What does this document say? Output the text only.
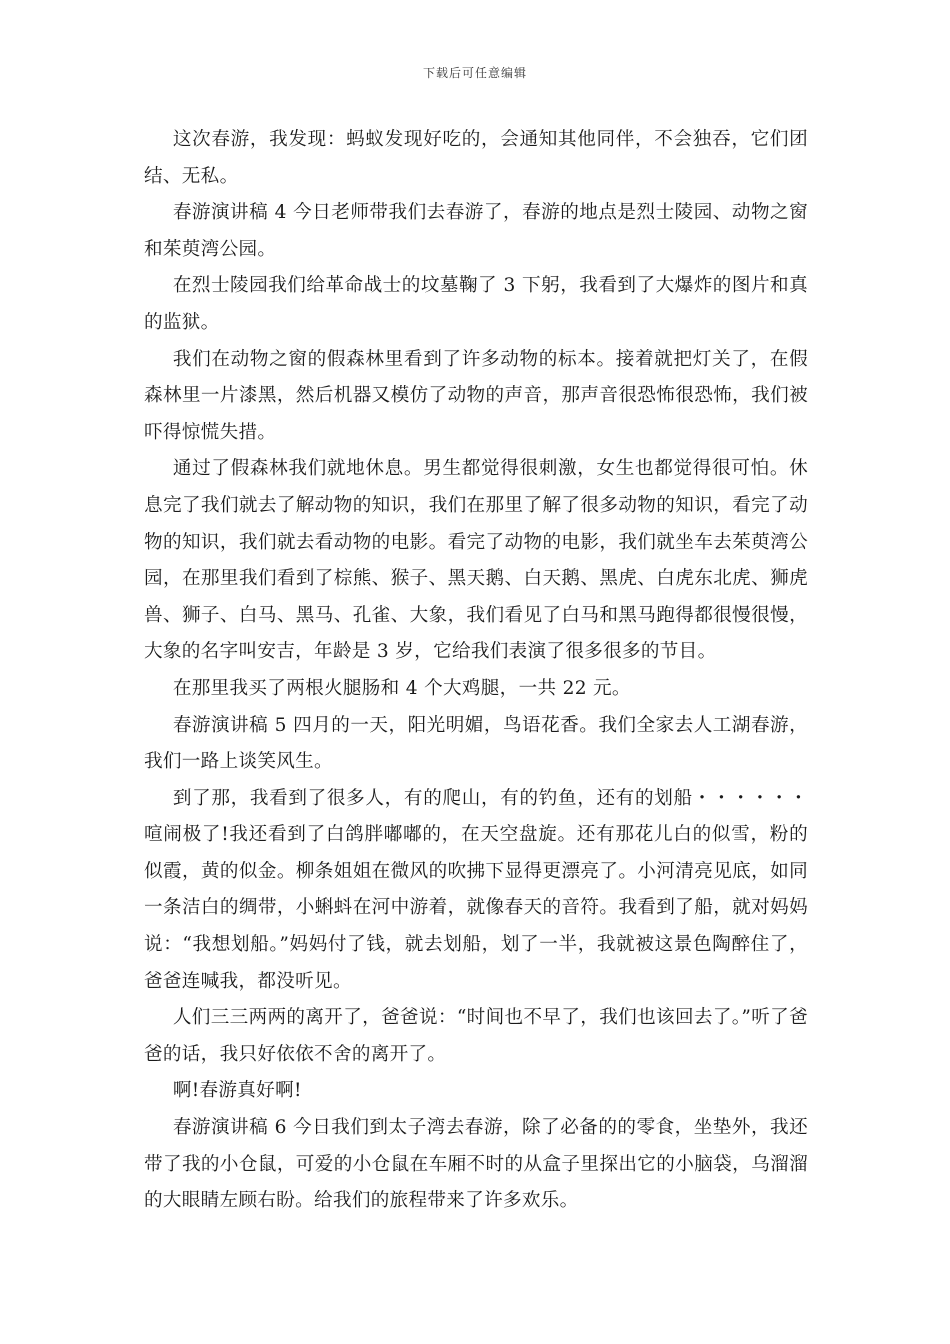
下载后可任意编辑

这次春游，我发现：蚂蚁发现好吃的，会通知其他同伴，不会独吞，它们团结、无私。

春游演讲稿 4 今日老师带我们去春游了，春游的地点是烈士陵园、动物之窗和茱萸湾公园。

在烈士陵园我们给革命战士的坟墓鞠了 3 下躬，我看到了大爆炸的图片和真的监狱。

我们在动物之窗的假森林里看到了许多动物的标本。接着就把灯关了，在假森林里一片漆黑，然后机器又模仿了动物的声音，那声音很恐怖很恐怖，我们被吓得惊慌失措。

通过了假森林我们就地休息。男生都觉得很刺激，女生也都觉得很可怕。休息完了我们就去了解动物的知识，我们在那里了解了很多动物的知识，看完了动物的知识，我们就去看动物的电影。看完了动物的电影，我们就坐车去茱萸湾公园，在那里我们看到了棕熊、猴子、黑天鹅、白天鹅、黑虎、白虎东北虎、狮虎兽、狮子、白马、黑马、孔雀、大象，我们看见了白马和黑马跑得都很慢很慢，大象的名字叫安吉，年龄是 3 岁，它给我们表演了很多很多的节目。

在那里我买了两根火腿肠和 4 个大鸡腿，一共 22 元。

春游演讲稿 5 四月的一天，阳光明媚，鸟语花香。我们全家去人工湖春游，我们一路上谈笑风生。

到了那，我看到了很多人，有的爬山，有的钓鱼，还有的划船・・・・・・喧闹极了!我还看到了白鸽胖嘟嘟的，在天空盘旋。还有那花儿白的似雪，粉的似霞，黄的似金。柳条姐姐在微风的吹拂下显得更漂亮了。小河清亮见底，如同一条洁白的绸带，小蝌蚪在河中游着，就像春天的音符。我看到了船，就对妈妈说：“我想划船。”妈妈付了钱，就去划船，划了一半，我就被这景色陶醉住了，爸爸连喊我，都没听见。

人们三三两两的离开了，爸爸说：“时间也不早了，我们也该回去了。”听了爸爸的话，我只好依依不舍的离开了。

啊!春游真好啊!

春游演讲稿 6 今日我们到太子湾去春游，除了必备的的零食，坐垫外，我还带了我的小仓鼠，可爱的小仓鼠在车厢不时的从盒子里探出它的小脑袋，乌溜溜的大眼睛左顾右盼。给我们的旅程带来了许多欢乐。
